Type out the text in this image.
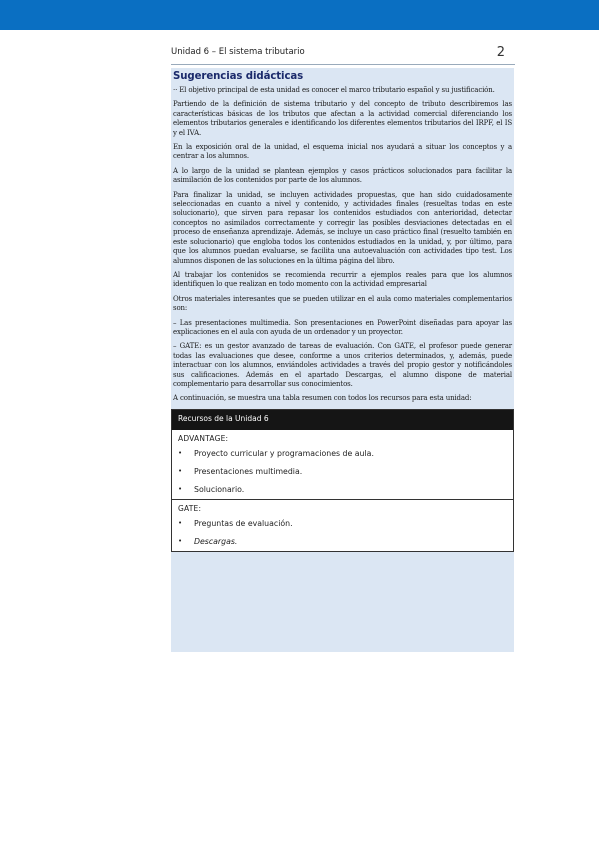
Unidad 6 – El sistema tributario	2
Sugerencias didácticas

·· El objetivo principal de esta unidad es conocer el marco tributario español y su justificación.

Partiendo de la definición de sistema tributario y del concepto de tributo describiremos las características básicas de los tributos que afectan a la actividad comercial diferenciando los elementos tributarios generales e identificando los diferentes elementos tributarios del IRPF, el IS y el IVA.

En la exposición oral de la unidad, el esquema inicial nos ayudará a situar los conceptos y a centrar a los alumnos.

A lo largo de la unidad se plantean ejemplos y casos prácticos solucionados para facilitar la asimilación de los contenidos por parte de los alumnos.

Para finalizar la unidad, se incluyen actividades propuestas, que han sido cuidadosamente seleccionadas en cuanto a nivel y contenido, y actividades finales (resueltas todas en este solucionario), que sirven para repasar los contenidos estudiados con anterioridad, detectar conceptos no asimilados correctamente y corregir las posibles desviaciones detectadas en el proceso de enseñanza aprendizaje. Además, se incluye un caso práctico final (resuelto también en este solucionario) que engloba todos los contenidos estudiados en la unidad, y, por último, para que los alumnos puedan evaluarse, se facilita una autoevaluación con actividades tipo test. Los alumnos disponen de las soluciones en la última página del libro.

Al trabajar los contenidos se recomienda recurrir a ejemplos reales para que los alumnos identifiquen lo que realizan en todo momento con la actividad empresarial

Otros materiales interesantes que se pueden utilizar en el aula como materiales complementarios son:

– Las presentaciones multimedia. Son presentaciones en PowerPoint diseñadas para apoyar las explicaciones en el aula con ayuda de un ordenador y un proyector.

– GATE: es un gestor avanzado de tareas de evaluación. Con GATE, el profesor puede generar todas las evaluaciones que desee, conforme a unos criterios determinados, y, además, puede interactuar con los alumnos, enviándoles actividades a través del propio gestor y notificándoles sus calificaciones. Además en el apartado Descargas, el alumno dispone de material complementario para desarrollar sus conocimientos.

A continuación, se muestra una tabla resumen con todos los recursos para esta unidad:

Recursos de la Unidad 6
ADVANTAGE:
•	Proyecto curricular y programaciones de aula.
•	Presentaciones multimedia.
•	Solucionario.
GATE:
•	Preguntas de evaluación.
•	Descargas.
